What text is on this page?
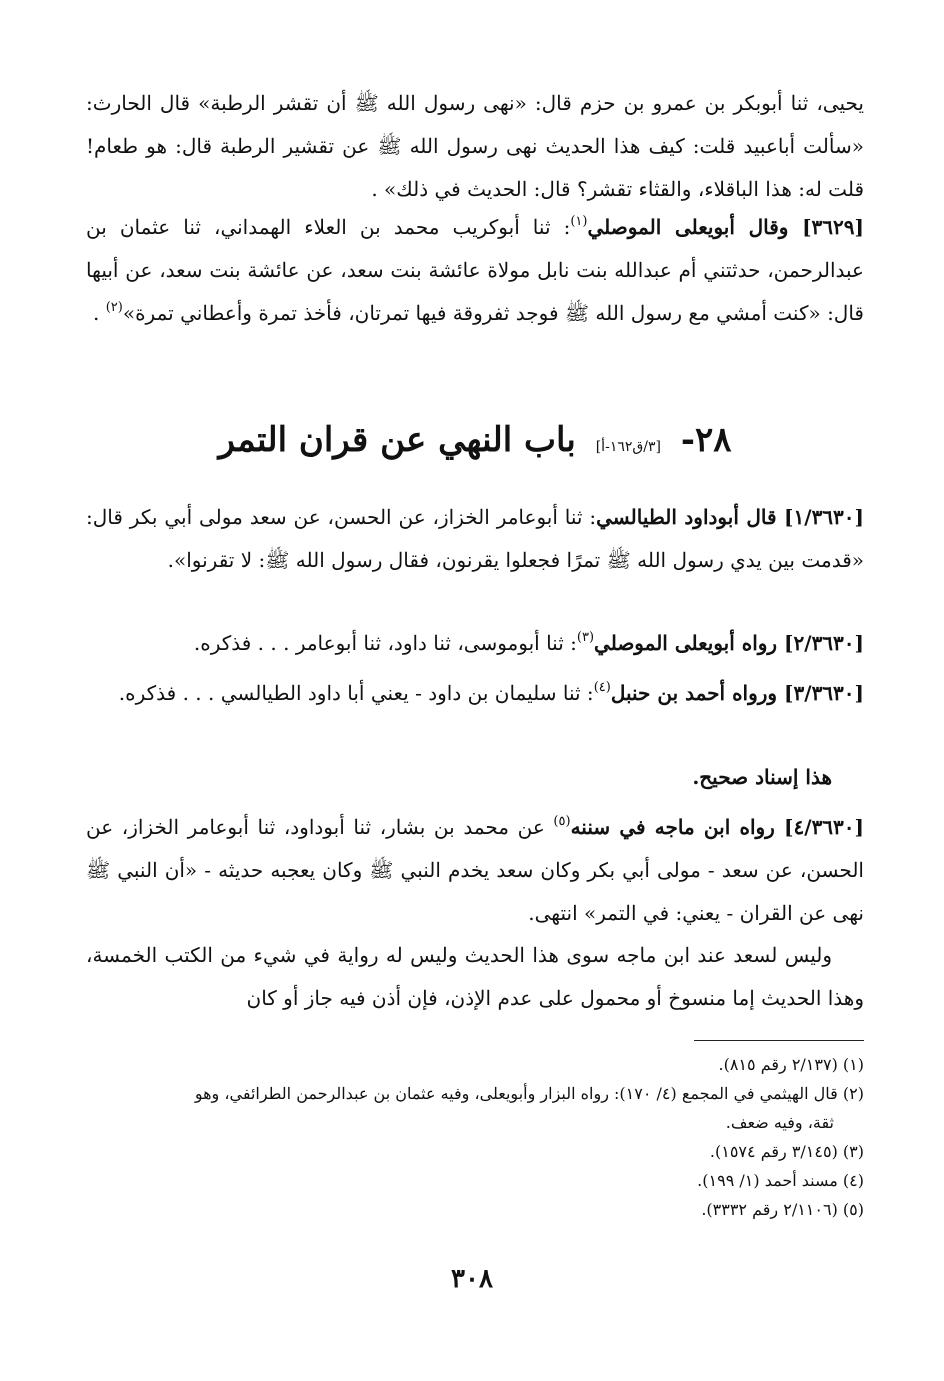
يحيى، ثنا أبوبكر بن عمرو بن حزم قال: «نهى رسول الله ﷺ أن تقشر الرطبة» قال الحارث: «سألت أباعبيد قلت: كيف هذا الحديث نهى رسول الله ﷺ عن تقشير الرطبة قال: هو طعام! قلت له: هذا الباقلاء، والقثاء تقشر؟ قال: الحديث في ذلك» .

[٣٦٢٩] وقال أبويعلى الموصلي$^{(١)}$: ثنا أبوكريب محمد بن العلاء الهمداني، ثنا عثمان بن عبدالرحمن، حدثتني أم عبدالله بنت نابل مولاة عائشة بنت سعد، عن عائشة بنت سعد، عن أبيها قال: «كنت أمشي مع رسول الله ﷺ فوجد ثفروقة فيها تمرتان، فأخذ تمرة وأعطاني تمرة»$^{(٢)}$ .

٢٨- [٣/ق١٦٢-أ] باب النهي عن قران التمر

[١/٣٦٣٠] قال أبوداود الطيالسي: ثنا أبوعامر الخزاز، عن الحسن، عن سعد مولى أبي بكر قال: «قدمت بين يدي رسول الله ﷺ تمرًا فجعلوا يقرنون، فقال رسول الله ﷺ: لا تقرنوا».

[٢/٣٦٣٠] رواه أبويعلى الموصلي$^{(٣)}$: ثنا أبوموسى، ثنا داود، ثنا أبوعامر . . . فذكره.

[٣/٣٦٣٠] ورواه أحمد بن حنبل$^{(٤)}$: ثنا سليمان بن داود - يعني أبا داود الطيالسي . . . فذكره.

هذا إسناد صحيح.

[٤/٣٦٣٠] رواه ابن ماجه في سننه$^{(٥)}$ عن محمد بن بشار، ثنا أبوداود، ثنا أبوعامر الخزاز، عن الحسن، عن سعد - مولى أبي بكر وكان سعد يخدم النبي ﷺ وكان يعجبه حديثه - «أن النبي ﷺ نهى عن القران - يعني: في التمر» انتهى.

وليس لسعد عند ابن ماجه سوى هذا الحديث وليس له رواية في شيء من الكتب الخمسة، وهذا الحديث إما منسوخ أو محمول على عدم الإذن، فإن أذن فيه جاز أو كان

(١) (٢/١٣٧ رقم ٨١٥).

(٢) قال الهيثمي في المجمع (٤/ ١٧٠): رواه البزار وأبويعلى، وفيه عثمان بن عبدالرحمن الطرائفي، وهو

ثقة، وفيه ضعف.

(٣) (٣/١٤٥ رقم ١٥٧٤).

(٤) مسند أحمد (١/ ١٩٩).

(٥) (٢/١١٠٦ رقم ٣٣٣٢).

٣٠٨
